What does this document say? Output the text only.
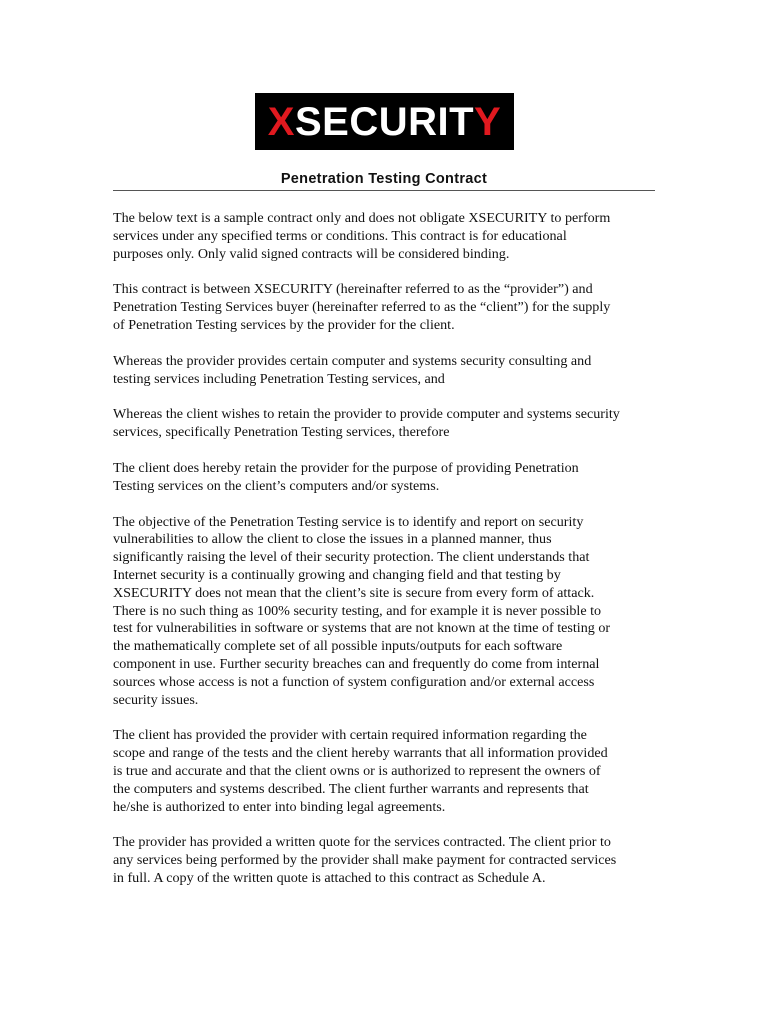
X SECURIT Y
Penetration Testing Contract

The below text is a sample contract only and does not obligate XSECURITY to perform
services under any specified terms or conditions. This contract is for educational
purposes only. Only valid signed contracts will be considered binding.

This contract is between XSECURITY (hereinafter referred to as the “provider”) and
Penetration Testing Services buyer (hereinafter referred to as the “client”) for the supply
of Penetration Testing services by the provider for the client.

Whereas the provider provides certain computer and systems security consulting and
testing services including Penetration Testing services, and

Whereas the client wishes to retain the provider to provide computer and systems security
services, specifically Penetration Testing services, therefore

The client does hereby retain the provider for the purpose of providing Penetration
Testing services on the client’s computers and/or systems.

The objective of the Penetration Testing service is to identify and report on security
vulnerabilities to allow the client to close the issues in a planned manner, thus
significantly raising the level of their security protection. The client understands that
Internet security is a continually growing and changing field and that testing by
XSECURITY does not mean that the client’s site is secure from every form of attack.
There is no such thing as 100% security testing, and for example it is never possible to
test for vulnerabilities in software or systems that are not known at the time of testing or
the mathematically complete set of all possible inputs/outputs for each software
component in use. Further security breaches can and frequently do come from internal
sources whose access is not a function of system configuration and/or external access
security issues.

The client has provided the provider with certain required information regarding the
scope and range of the tests and the client hereby warrants that all information provided
is true and accurate and that the client owns or is authorized to represent the owners of
the computers and systems described. The client further warrants and represents that
he/she is authorized to enter into binding legal agreements.

The provider has provided a written quote for the services contracted. The client prior to
any services being performed by the provider shall make payment for contracted services
in full. A copy of the written quote is attached to this contract as Schedule A.
